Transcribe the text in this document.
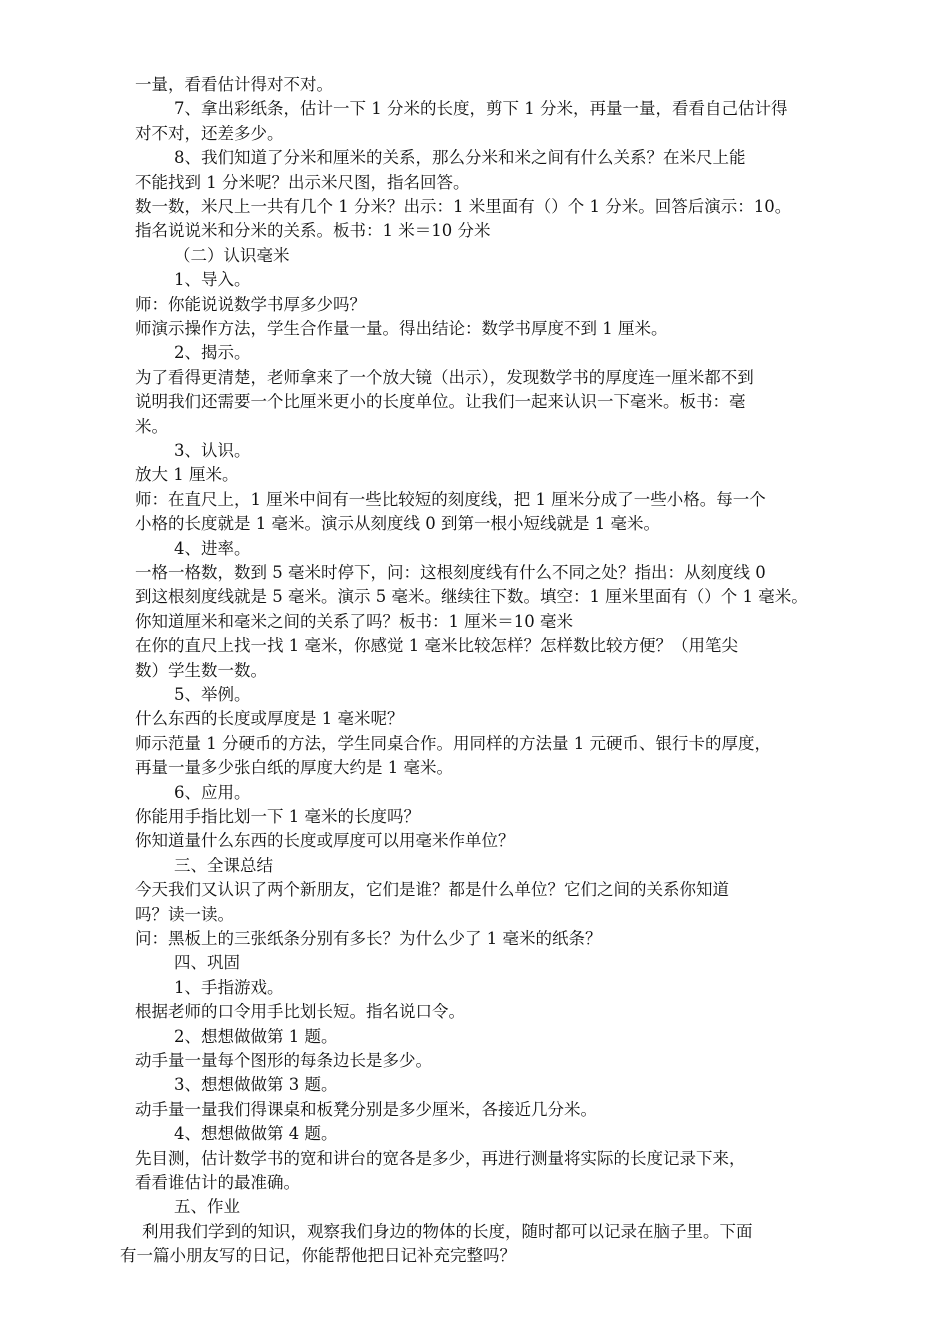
一量，看看估计得对不对。
7、拿出彩纸条，估计一下 1 分米的长度，剪下 1 分米，再量一量，看看自己估计得
对不对，还差多少。
8、我们知道了分米和厘米的关系，那么分米和米之间有什么关系？在米尺上能
不能找到 1 分米呢？出示米尺图，指名回答。
数一数，米尺上一共有几个 1 分米？出示：1 米里面有（）个 1 分米。回答后演示：10。
指名说说米和分米的关系。板书：1 米＝10 分米
（二）认识毫米
1、导入。
师：你能说说数学书厚多少吗？
师演示操作方法，学生合作量一量。得出结论：数学书厚度不到 1 厘米。
2、揭示。
为了看得更清楚，老师拿来了一个放大镜（出示），发现数学书的厚度连一厘米都不到
说明我们还需要一个比厘米更小的长度单位。让我们一起来认识一下毫米。板书：毫
米。
3、认识。
放大 1 厘米。
师：在直尺上，1 厘米中间有一些比较短的刻度线，把 1 厘米分成了一些小格。每一个
小格的长度就是 1 毫米。演示从刻度线 0 到第一根小短线就是 1 毫米。
4、进率。
一格一格数，数到 5 毫米时停下，问：这根刻度线有什么不同之处？指出：从刻度线 0
到这根刻度线就是 5 毫米。演示 5 毫米。继续往下数。填空：1 厘米里面有（）个 1 毫米。
你知道厘米和毫米之间的关系了吗？板书：1 厘米＝10 毫米
在你的直尺上找一找 1 毫米，你感觉 1 毫米比较怎样？怎样数比较方便？（用笔尖
数）学生数一数。
5、举例。
什么东西的长度或厚度是 1 毫米呢？
师示范量 1 分硬币的方法，学生同桌合作。用同样的方法量 1 元硬币、银行卡的厚度，
再量一量多少张白纸的厚度大约是 1 毫米。
6、应用。
你能用手指比划一下 1 毫米的长度吗？
你知道量什么东西的长度或厚度可以用毫米作单位？
三、全课总结
今天我们又认识了两个新朋友，它们是谁？都是什么单位？它们之间的关系你知道
吗？读一读。
问：黑板上的三张纸条分别有多长？为什么少了 1 毫米的纸条？
四、巩固
1、手指游戏。
根据老师的口令用手比划长短。指名说口令。
2、想想做做第 1 题。
动手量一量每个图形的每条边长是多少。
3、想想做做第 3 题。
动手量一量我们得课桌和板凳分别是多少厘米，各接近几分米。
4、想想做做第 4 题。
先目测，估计数学书的宽和讲台的宽各是多少，再进行测量将实际的长度记录下来，
看看谁估计的最准确。
五、作业
利用我们学到的知识，观察我们身边的物体的长度，随时都可以记录在脑子里。下面
有一篇小朋友写的日记，你能帮他把日记补充完整吗？
